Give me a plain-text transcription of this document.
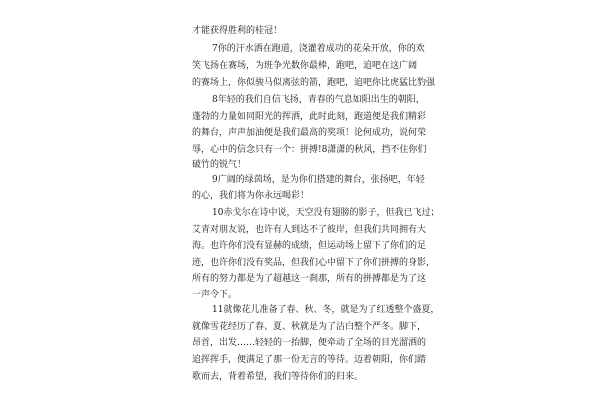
才能获得胜利的桂冠！
7你的汗水洒在跑道，浇灌着成功的花朵开放，你的欢
笑飞扬在赛场，为班争光数你最棒，跑吧，追吧在这广阔
的赛场上，你似骏马似离弦的箭，跑吧，追吧你比虎猛比豹强
8年轻的我们自信飞扬，青春的气息如阳出生的朝阳，
蓬勃的力量如同阳光的挥洒，此时此刻，跑道便是我们精彩
的舞台，声声加油便是我们最高的奖项！论何成功，说何荣
辱，心中的信念只有一个：拼搏!8潇潇的秋风，挡不住你们
破竹的锐气！
9广阔的绿茵场，是为你们搭建的舞台，张扬吧，年轻
的心，我们将为你永远喝彩！
10赤戈尔在诗中说，天空没有翅膀的影子，但我已飞过；
艾青对朋友说，也许有人到达不了彼岸，但我们共同拥有大
海。也许你们没有显赫的成绩，但运动场上留下了你们的足
迹，也许你们没有奖品，但我们心中留下了你们拼搏的身影，
所有的努力都是为了超越这一刹那，所有的拼搏都是为了这
一声令下。
11就像花儿准备了春、秋、冬，就是为了红透整个盛夏，
就像雪花经历了春、夏、秋就是为了洁白整个严冬。脚下，
昂首，出发……轻轻的一抬脚，便牵动了全场的目光溜洒的
追挥挥手，便满足了那一份无言的等待。迈着朝阳，你们踏
歌而去，背着希望，我们等待你们的归来。
